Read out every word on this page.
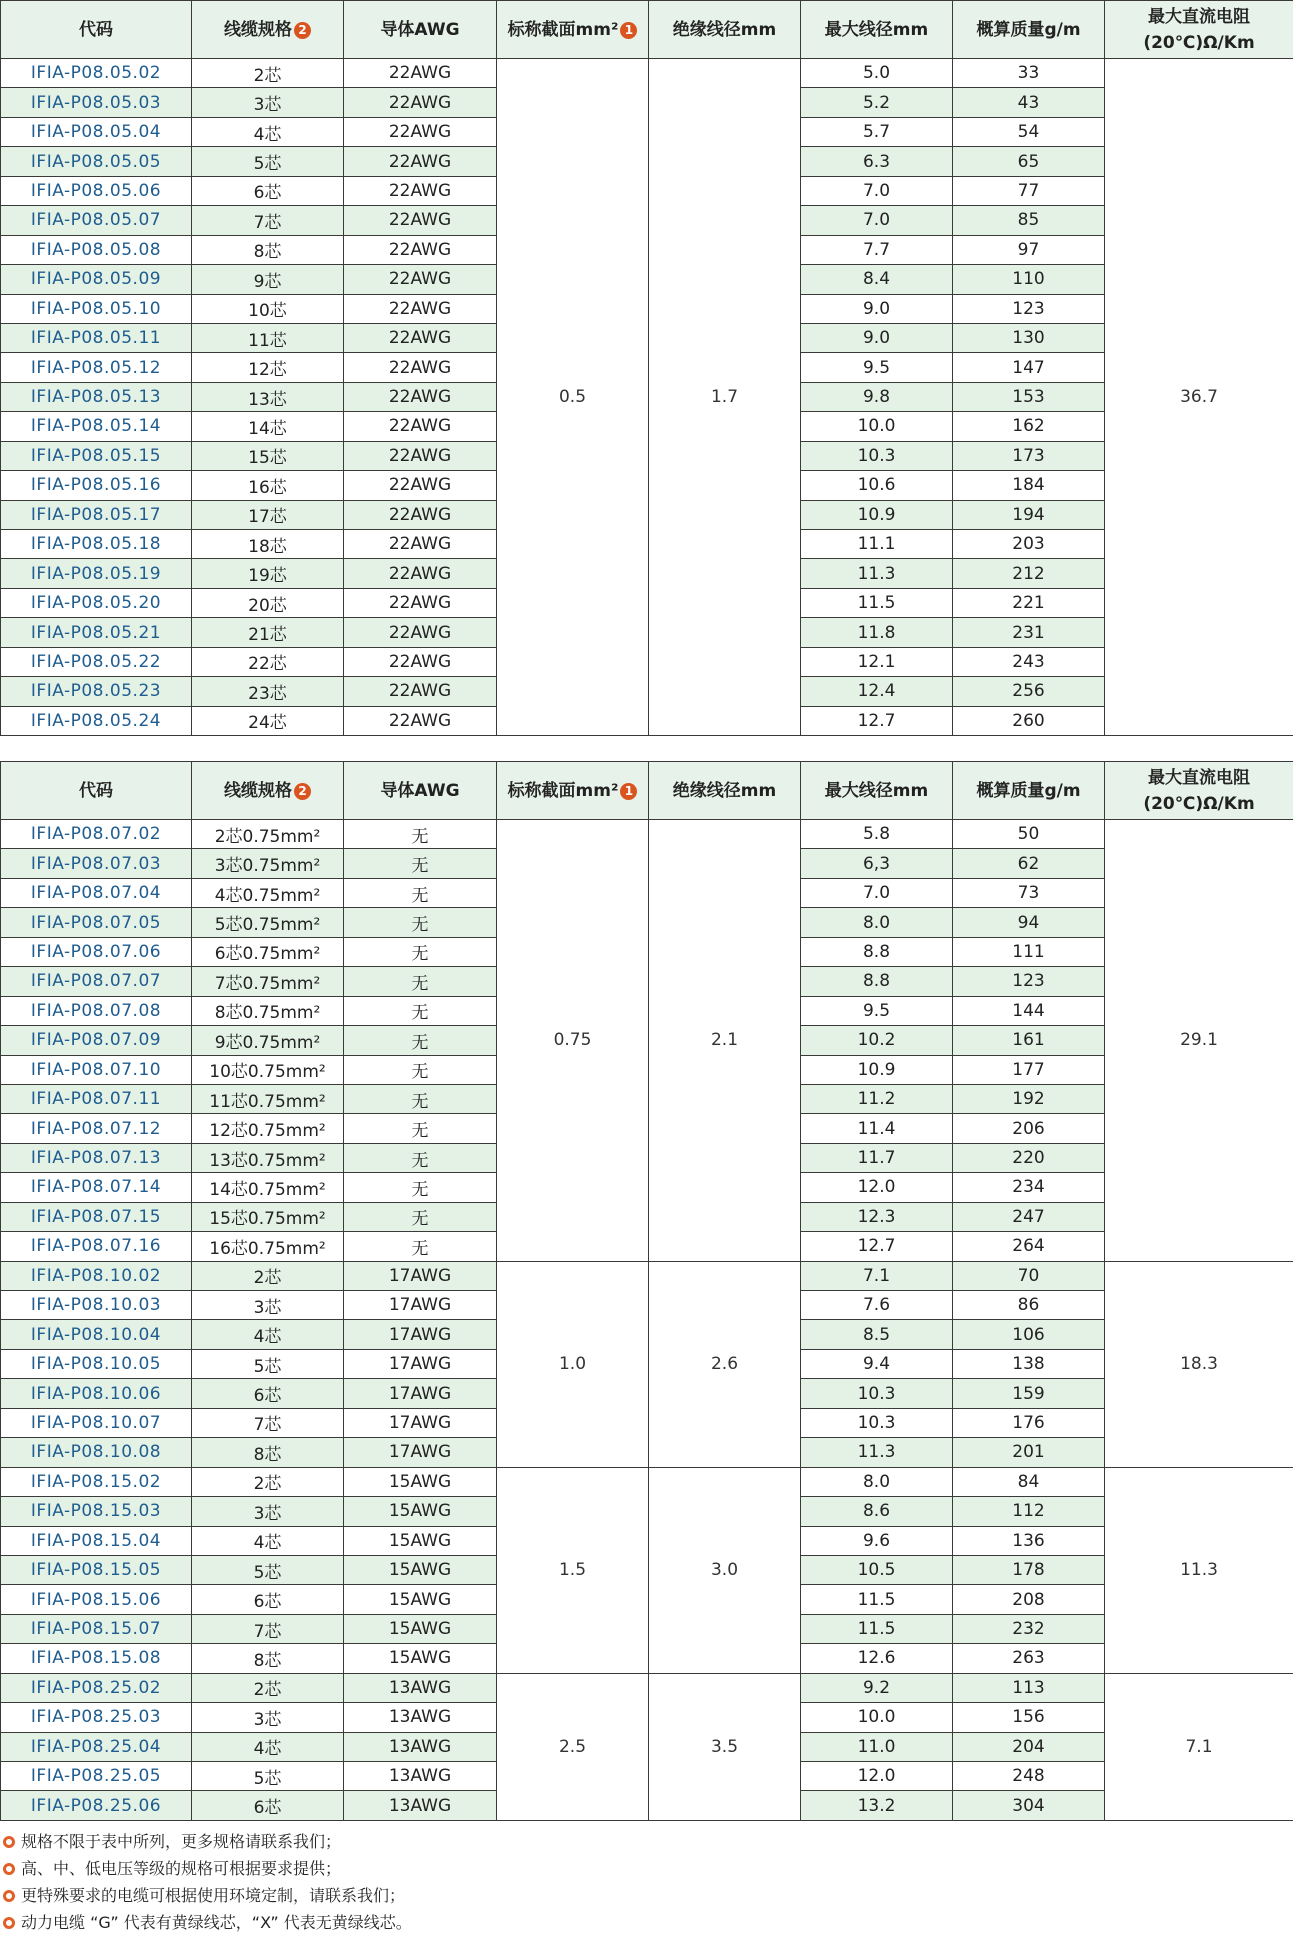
代码	线缆规格 2	导体AWG	标称截面mm² 1	绝缘线径mm	最大线径mm	概算质量g/m	最大直流电阻
(20℃)Ω/Km

IFIA-P08.05.02	2芯	22AWG	0.5	1.7	5.0	33	36.7
IFIA-P08.05.03	3芯	22AWG			5.2	43	
IFIA-P08.05.04	4芯	22AWG			5.7	54	
IFIA-P08.05.05	5芯	22AWG			6.3	65	
IFIA-P08.05.06	6芯	22AWG			7.0	77	
IFIA-P08.05.07	7芯	22AWG			7.0	85	
IFIA-P08.05.08	8芯	22AWG			7.7	97	
IFIA-P08.05.09	9芯	22AWG			8.4	110	
IFIA-P08.05.10	10芯	22AWG			9.0	123	
IFIA-P08.05.11	11芯	22AWG			9.0	130	
IFIA-P08.05.12	12芯	22AWG			9.5	147	
IFIA-P08.05.13	13芯	22AWG			9.8	153	
IFIA-P08.05.14	14芯	22AWG			10.0	162	
IFIA-P08.05.15	15芯	22AWG			10.3	173	
IFIA-P08.05.16	16芯	22AWG			10.6	184	
IFIA-P08.05.17	17芯	22AWG			10.9	194	
IFIA-P08.05.18	18芯	22AWG			11.1	203	
IFIA-P08.05.19	19芯	22AWG			11.3	212	
IFIA-P08.05.20	20芯	22AWG			11.5	221	
IFIA-P08.05.21	21芯	22AWG			11.8	231	
IFIA-P08.05.22	22芯	22AWG			12.1	243	
IFIA-P08.05.23	23芯	22AWG			12.4	256	
IFIA-P08.05.24	24芯	22AWG			12.7	260	
代码	线缆规格 2	导体AWG	标称截面mm² 1	绝缘线径mm	最大线径mm	概算质量g/m	最大直流电阻
(20℃)Ω/Km

IFIA-P08.07.02	2芯0.75mm²	无	0.75	2.1	5.8	50	29.1
IFIA-P08.07.03	3芯0.75mm²	无			6,3	62	
IFIA-P08.07.04	4芯0.75mm²	无			7.0	73	
IFIA-P08.07.05	5芯0.75mm²	无			8.0	94	
IFIA-P08.07.06	6芯0.75mm²	无			8.8	111	
IFIA-P08.07.07	7芯0.75mm²	无			8.8	123	
IFIA-P08.07.08	8芯0.75mm²	无			9.5	144	
IFIA-P08.07.09	9芯0.75mm²	无			10.2	161	
IFIA-P08.07.10	10芯0.75mm²	无			10.9	177	
IFIA-P08.07.11	11芯0.75mm²	无			11.2	192	
IFIA-P08.07.12	12芯0.75mm²	无			11.4	206	
IFIA-P08.07.13	13芯0.75mm²	无			11.7	220	
IFIA-P08.07.14	14芯0.75mm²	无			12.0	234	
IFIA-P08.07.15	15芯0.75mm²	无			12.3	247	
IFIA-P08.07.16	16芯0.75mm²	无			12.7	264	
IFIA-P08.10.02	2芯	17AWG	1.0	2.6	7.1	70	18.3
IFIA-P08.10.03	3芯	17AWG			7.6	86	
IFIA-P08.10.04	4芯	17AWG			8.5	106	
IFIA-P08.10.05	5芯	17AWG			9.4	138	
IFIA-P08.10.06	6芯	17AWG			10.3	159	
IFIA-P08.10.07	7芯	17AWG			10.3	176	
IFIA-P08.10.08	8芯	17AWG			11.3	201	
IFIA-P08.15.02	2芯	15AWG	1.5	3.0	8.0	84	11.3
IFIA-P08.15.03	3芯	15AWG			8.6	112	
IFIA-P08.15.04	4芯	15AWG			9.6	136	
IFIA-P08.15.05	5芯	15AWG			10.5	178	
IFIA-P08.15.06	6芯	15AWG			11.5	208	
IFIA-P08.15.07	7芯	15AWG			11.5	232	
IFIA-P08.15.08	8芯	15AWG			12.6	263	
IFIA-P08.25.02	2芯	13AWG	2.5	3.5	9.2	113	7.1
IFIA-P08.25.03	3芯	13AWG			10.0	156	
IFIA-P08.25.04	4芯	13AWG			11.0	204	
IFIA-P08.25.05	5芯	13AWG			12.0	248	
IFIA-P08.25.06	6芯	13AWG			13.2	304	
规格不限于表中所列，更多规格请联系我们；
高、中、低电压等级的规格可根据要求提供；
更特殊要求的电缆可根据使用环境定制，请联系我们；
动力电缆 “G” 代表有黄绿线芯，“X” 代表无黄绿线芯。
